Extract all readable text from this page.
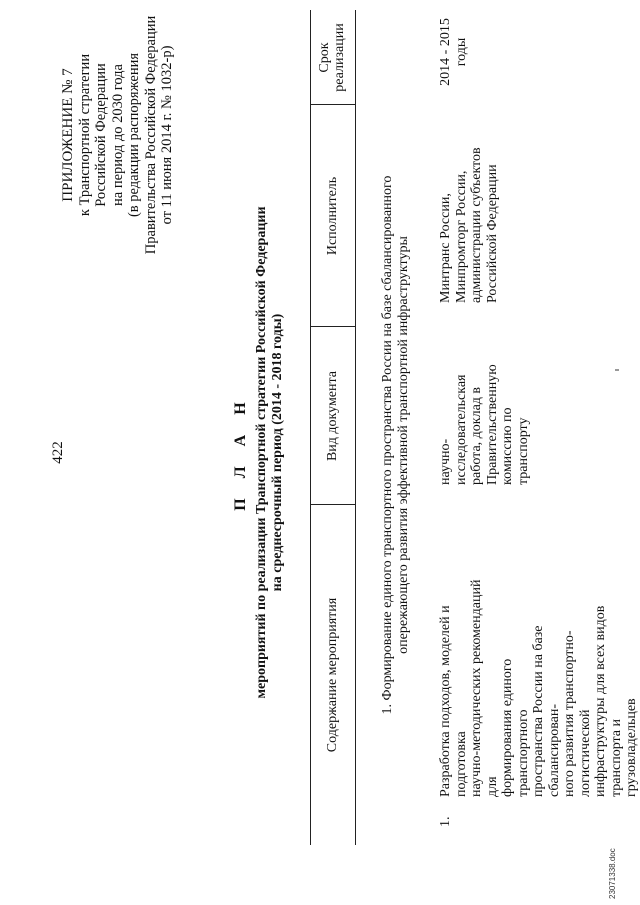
422
ПРИЛОЖЕНИЕ № 7 к Транспортной стратегии Российской Федерации на период до 2030 года (в редакции распоряжения Правительства Российской Федерации от 11 июня 2014 г. № 1032-р)
П Л А Н мероприятий по реализации Транспортной стратегии Российской Федерации на среднесрочный период (2014 - 2018 годы)
Содержание мероприятия
Вид документа
Исполнитель
Срок реализации
1. Формирование единого транспортного пространства России на базе сбалансированного опережающего развития эффективной транспортной инфраструктуры
1.
Разработка подходов, моделей и подготовка научно-методических рекомендаций для формирования единого транспортного пространства России на базе сбалансирован- ного развития транспортно-логистической инфраструктуры для всех видов транспорта и грузовладельцев
научно- исследовательская работа, доклад в Правительственную комиссию по транспорту
Минтранс России, Минпромторг России, администрации субъектов Российской Федерации
2014 - 2015 годы
23071338.doc
